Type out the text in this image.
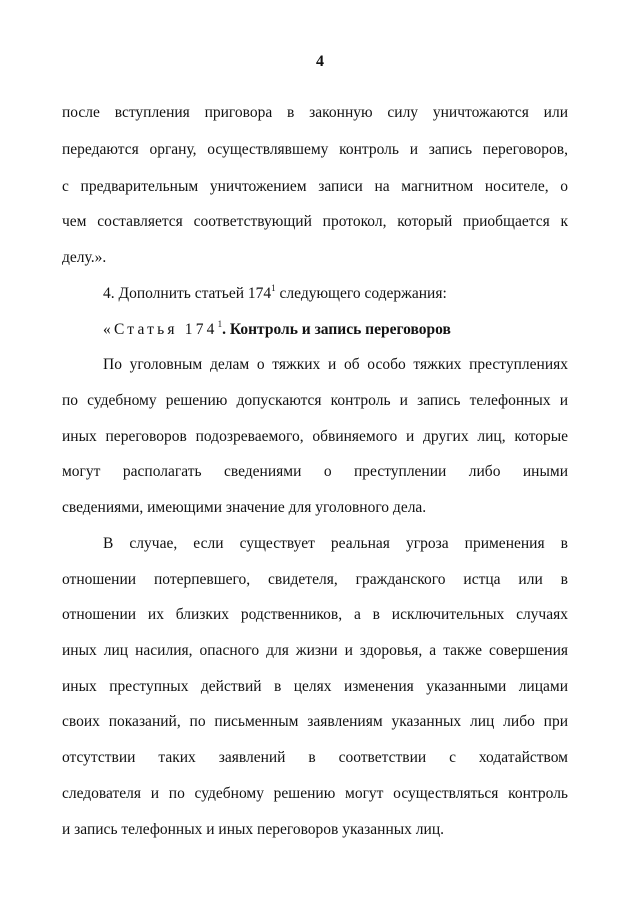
4
после вступления приговора в законную силу уничтожаются или
передаются органу, осуществлявшему контроль и запись переговоров,
с предварительным уничтожением записи на магнитном носителе, о
чем составляется соответствующий протокол, который приобщается к
делу.».
4. Дополнить статьей $174^1$ следующего содержания:
«Статья $174^1$. Контроль и запись переговоров
По уголовным делам о тяжких и об особо тяжких преступлениях
по судебному решению допускаются контроль и запись телефонных и
иных переговоров подозреваемого, обвиняемого и других лиц, которые
могут располагать сведениями о преступлении либо иными
сведениями, имеющими значение для уголовного дела.
В случае, если существует реальная угроза применения в
отношении потерпевшего, свидетеля, гражданского истца или в
отношении их близких родственников, а в исключительных случаях
иных лиц насилия, опасного для жизни и здоровья, а также совершения
иных преступных действий в целях изменения указанными лицами
своих показаний, по письменным заявлениям указанных лиц либо при
отсутствии таких заявлений в соответствии с ходатайством
следователя и по судебному решению могут осуществляться контроль
и запись телефонных и иных переговоров указанных лиц.
